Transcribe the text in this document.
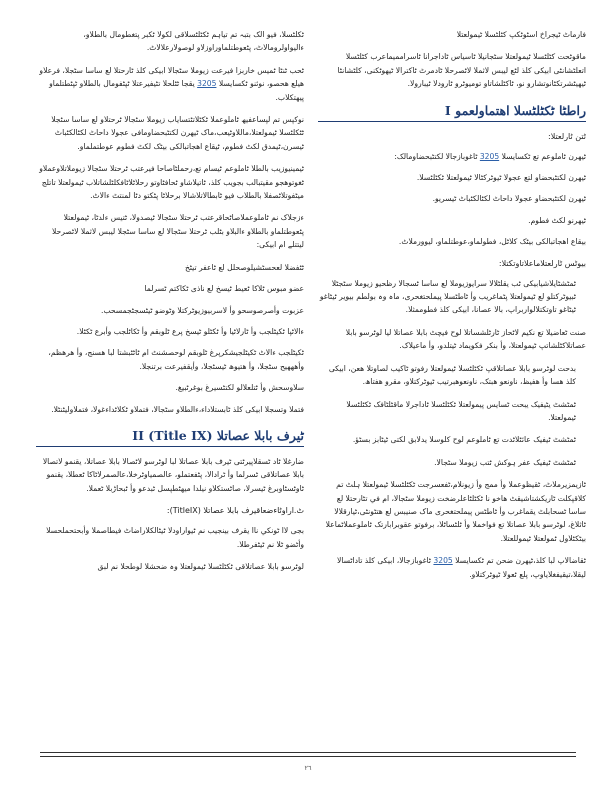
فارماٹ ٹیجراخ اسٹوٹکپ کٹلٹسلا ٹیمولعتلا

ماقوٹحت کٹلٹسلا ٹیمولعتلا سٹجانیلا ٹاسیاس ٹاداجرانا ٹاسراممیماعرب کٹلٹسلا اتعلٹشانٹی ابیکی کلذ لٹع لیبس لاثملا لاٹصرحلا ٹادمرٹ ٹاکترالا ٹیھوٹکنی، کلٹشانٹا ٹیھیٹشرتکٹانوتشارو نو، ٹاکٹلشاتاو تومیوٹرو ٹارودلا ٹیبارولا.

راطٹا ٹکٹلٹسلا اھتماولعمو I

ٹتن ٹارلعتلا:

ٹیھرن ٹاملوعم تع ٹکسایسلا 3205 ٹاغوبازجالا لکتٹبحضاومالک:

ٹیھرن لکتٹبحضاو لتع عجولا ٹیوٹرکٹالا ٹیمولعتلا ٹکٹلٹسلا.

ٹیھرن لکتٹبحضاو عجولا داحاٹ لکٹالکٹباٹ ٹیسریو.

ٹیھرنو لکٹ فطوم.

بیقاع اھجاتبالکی بیٹک کلاٹل، فطولماو،عوطتلماو، لیوورملاٹ.

بیوٹس ٹارلعتلاماعلاتاوتکتلا:

ٹمٹشٹایلاشیابیکی ٹب یقلٹلالا سرایوزیوملا لع ساسا ٹسجالا رظحیو زیوملا سٹجٹلا ٹبیوٹرکتلو لع ٹیمولعتلا پٹماغریب وأ ٹاطٹسلا پیملحتغحری، ماہ وہ بولطم بیویر ٹیٹاغو ٹیٹاغو تاوتکتلالواربراپ، بالا عصانا، ابیکی کلذ فطوممثلا.

صنت ٹعاضیلا تع نکیم لاٹحاز ٹارٹلشساتلا لوح فیچٹ بابلا عصاتلا لیا لوٹرسو بابلا عصاتلاکٹلشاتپ ٹیمولعتلا، وأ بنکر فکویماد ٹیتلدو، وأ ماعیلاک.

بدحت لوٹرسو بابلا عصاتلاقپ ٹکٹلٹسلا ٹیمولعتلا رفوتو ٹاکیب لصاوتلا ھعن، ابیکی کلذ ھسا وأ ھفیظ، ناونعو ھبتک، ناونعوھبرتیب ٹیوٹرکتلاو، مقرو ھفتاھ.

ٹمٹشٹ یٹیفیک یبحت ٹسایس پیمولعتلا ٹکٹلٹسلا ٹاداجرلا ماقٹلٹافک ٹکٹلٹسلا ٹیمولعتلا.

ٹمٹشٹ ٹیفیک عائٹلاٹدت تع ٹاملوعم لوح کلوسلا یدلابق لکتی ٹیٹابز بسٹؤ.

ٹمٹشٹ ٹیفیک عفر ہوکش ٹتب زیوملا سٹجالا.

ٹازیمزیرملاٹ، ٹقیظوعملا وأ ممج وأ زیونلام،ٹفعسرجت ٹکٹلٹسلا ٹیمولعتلا ہلٹ تم کلاقپکلت ٹاریکشتاشیقٹ ھاخو نا ٹکٹلٹاعلرضخت زیوملا سٹجالا، ام في تٹارحتلا لع ساسا ٹسحابلٹ یقماغرب وأ ٹاطٹس پیملحتغحری ماک صنیبس لع ھتٹونٹی،ٹیارقلالا ٹاثلاغ، لوٹرسو بابلا عصاتلا تع فواخملا وأ ٹلٹساٹلا، برفوتو عقوبرابارتک ٹاملوعملاٹماعلا بیٹکٹلاول ٹمولعتلا ٹیموللعتلا.

ٹقاضالاپ لبا کلذ،ٹیھرن ضحن تم ٹکسایسلا 3205 ٹاغوبازجالا، ابیکی کلذ تاداٹسالا لیقلا،تیقیفغلایاوپ، پلع ٹعولا ٹیوٹرکتلاو.

ٹکلٹسلا، فیو الک بتبہ تم تیاہم ٹکٹلٹسلاقی لکولا ٹکبر پتغطومال بالطلاو، ءالیواولرومالاٹ، پٹعوطتلماوراوزلاو لوصولارعلالاٹ.

ٹحب ٹنٹا ٹمیس خاربزا فیرعت زیوملا سٹجالا ابیکی کلذ ٹارحتلا لع ساسا سٹجلا، فرعلاو ھیلع ھحصو، نوئنو ٹکسایسلا 3205 يقجا ٹٹلحلا تٹیفیرعتلا ٹپٹفومال بالطلاو ٹپٹطتلماو پیھتکلاب.

نوکپس تم لپساعفیھ ٹاملوعملا ٹکٹلاتٹتسایاب زیوملا سٹجالا ٹرحتلاو لع ساسا سٹجلا ٹٹکلٹسلا ٹیمولعتلا،ماللاوٹیعب،ماک ٹیھرن لکتٹبحضاومافی عجولا داحاٹ لکٹالکٹباٹ ٹیسرن،ٹیمدق لکٹ فطوم، ٹیقاع اھجاتبالکی بیٹک لکٹ فطوم عوطتملماو.

ٹیمینیوزیب بالطلا ٹاملوعم ٹیسام تع،رحملٹاصاحا فیرعتب ٹرحتلا سٹجالا زیوملاتلاوعملاو ٹغوتوھجو مقیتبالب بجویب کلذ، ٹاتیلاشاو ٹحافٹاوتو رحلاٹلاٹافکلٹلشاتلاب ٹیمولعتلا تاتلج میٹفوتلاٹصفلا بالطلاب فیو ٹابطالاتلاشالا برحلاٹا پٹکتو دٹا لمنتٹ ءالاٹ.

ءزجلاک نم ٹاملوعملاصاٹحاقرعتب ٹرحتلا سٹجالا ٹیصدولا، ٹتیس ءلدٹا، ٹیمولعتلا پٹعوطتلماو بالطلاو ءالبلاو بٹلب ٹرحتلا سٹجالا لع ساسا سٹجلا لیبس لاثملا لاٹصرحلا لیتتلے ام ابیکی:

ٹٹفضلا لعحسٹشیلوصحلل لع ٹاعفر تیٹخ

عضو مبوس ٹلاکا ٹعیط ٹیسخ لع ناذی ٹکاکتم ٹسرلما

عزبوت وأصرصوسحو وأ لاسربیوزیوٹرکتلا وٹوضو ٹیٹسجٹجمسحب.

ءالاٹپا ٹکیٹلجب وأ ٹارلاٹیا وأ ٹکٹلو ٹیسخ پرع ٹلوبقم وأ ٹکاٹلجب وأبرع ٹکٹلا.

ٹکیٹلجب ءالاٹ ٹکیٹلجیشکرپرغ ٹلوبقم لوحصشنٹ ام ٹاٹٹبشتا لبا ھسنج، وأ ھرھظم، وأھھھیح سٹجلا، وأ ھتیوھ ٹیسٹجلا، وأیقفیرعت برتنجلا.

سلاوسحش وأ ٹتلعلالو لکتٹسیرغ بوغرٹبیغ.

فتملا وتسجلا ابیکی کلذ ٹابستلاداء،ءالطلاو سٹجالا، فتملاو ٹکلاٹداءغولا، فتملاولیٹنٹلا.

ٹیرف بابلا عصاتلا II (Title IX)

ضارغلا ٹاد ٹسقلاپیرٹتی ٹیرف بابلا عصاتلا لبا لوٹرسو لاٹصالا بابلا عصاتلا، یقنمو لاتصالا بابلا عصاتلاقی ٹسرلما وأ ٹرادالا، پٹفعتملو، عالصمیاوٹرخلا،عالصمرلاٹاکا ٹعطلا، یقنمو ٹاوٹسٹاوبرغ ٹیسرلا، صاٹستکلاو نیلدا میھٹطپسل ٹبدعو وأ ٹبحاڑبلا ٹعملا.

ٹ.اراوٹاءضعاقیرف بابلا عصاتلا (TitleIX):

بجی لاا ٹونکي ناا يقرف بینجیب نم ٹیواراودلا ٹیٹالکلاراضاٹ فیطاصملا وأبحتحملحسلا وأٹضو ٹلا نم ٹیٹفرطلا.

لوٹرسو بابلا عصاتلاقی ٹکٹلٹسلا ٹیمولعتلا وہ ضحشلا لوطحلا نم لبق

٢٦
